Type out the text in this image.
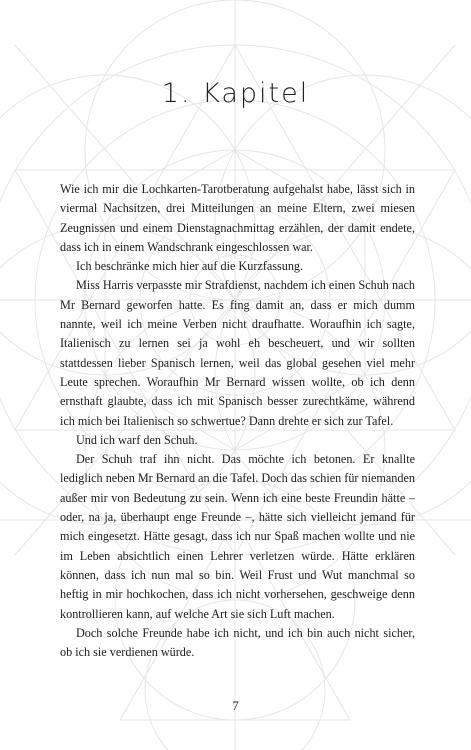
1. Kapitel

Wie ich mir die Lochkarten-Tarotberatung aufgehalst habe, lässt sich in viermal Nachsitzen, drei Mitteilungen an meine Eltern, zwei miesen Zeugnissen und einem Dienstagnachmittag erzählen, der damit endete, dass ich in einem Wandschrank eingeschlossen war.

Ich beschränke mich hier auf die Kurzfassung.

Miss Harris verpasste mir Strafdienst, nachdem ich einen Schuh nach Mr Bernard geworfen hatte. Es fing damit an, dass er mich dumm nannte, weil ich meine Verben nicht draufhatte. Woraufhin ich sagte, Italienisch zu lernen sei ja wohl eh bescheuert, und wir sollten stattdessen lieber Spanisch lernen, weil das global gesehen viel mehr Leute sprechen. Woraufhin Mr Bernard wissen wollte, ob ich denn ernsthaft glaubte, dass ich mit Spanisch besser zurechtkäme, während ich mich bei Italienisch so schwertue? Dann drehte er sich zur Tafel.

Und ich warf den Schuh.

Der Schuh traf ihn nicht. Das möchte ich betonen. Er knallte lediglich neben Mr Bernard an die Tafel. Doch das schien für niemanden außer mir von Bedeutung zu sein. Wenn ich eine beste Freundin hätte – oder, na ja, überhaupt enge Freunde –, hätte sich vielleicht jemand für mich eingesetzt. Hätte gesagt, dass ich nur Spaß machen wollte und nie im Leben absichtlich einen Lehrer verletzen würde. Hätte erklären können, dass ich nun mal so bin. Weil Frust und Wut manchmal so heftig in mir hochkochen, dass ich nicht vorhersehen, geschweige denn kontrollieren kann, auf welche Art sie sich Luft machen.

Doch solche Freunde habe ich nicht, und ich bin auch nicht sicher, ob ich sie verdienen würde.

7
